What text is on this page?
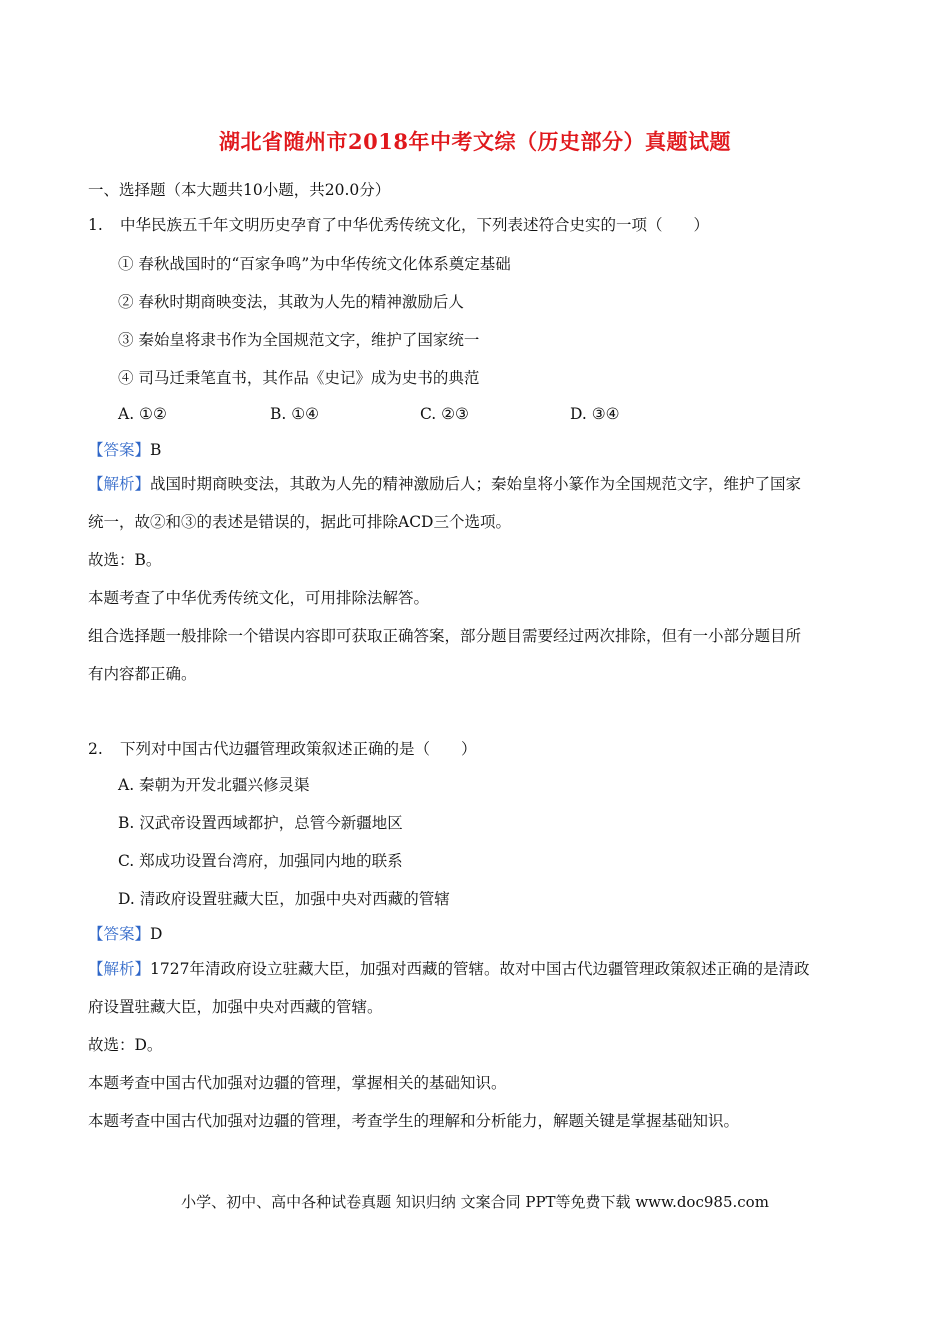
湖北省随州市2018年中考文综（历史部分）真题试题
一、选择题（本大题共10小题，共20.0分）
1. 中华民族五千年文明历史孕育了中华优秀传统文化，下列表述符合史实的一项（　　）
① 春秋战国时的“百家争鸣”为中华传统文化体系奠定基础
② 春秋时期商映变法，其敢为人先的精神激励后人
③ 秦始皇将隶书作为全国规范文字，维护了国家统一
④ 司马迁秉笔直书，其作品《史记》成为史书的典范
A. ①②	B. ①④	C. ②③	D. ③④
【答案】B
【解析】战国时期商映变法，其敢为人先的精神激励后人；秦始皇将小篆作为全国规范文字，维护了国家
统一，故②和③的表述是错误的，据此可排除ACD三个选项。
故选：B。
本题考查了中华优秀传统文化，可用排除法解答。
组合选择题一般排除一个错误内容即可获取正确答案，部分题目需要经过两次排除，但有一小部分题目所
有内容都正确。
2. 下列对中国古代边疆管理政策叙述正确的是（　　）
A. 秦朝为开发北疆兴修灵渠
B. 汉武帝设置西域都护，总管今新疆地区
C. 郑成功设置台湾府，加强同内地的联系
D. 清政府设置驻藏大臣，加强中央对西藏的管辖
【答案】D
【解析】1727年清政府设立驻藏大臣，加强对西藏的管辖。故对中国古代边疆管理政策叙述正确的是清政
府设置驻藏大臣，加强中央对西藏的管辖。
故选：D。
本题考查中国古代加强对边疆的管理，掌握相关的基础知识。
本题考查中国古代加强对边疆的管理，考查学生的理解和分析能力，解题关键是掌握基础知识。
小学、初中、高中各种试卷真题 知识归纳 文案合同 PPT等免费下载 www.doc985.com
